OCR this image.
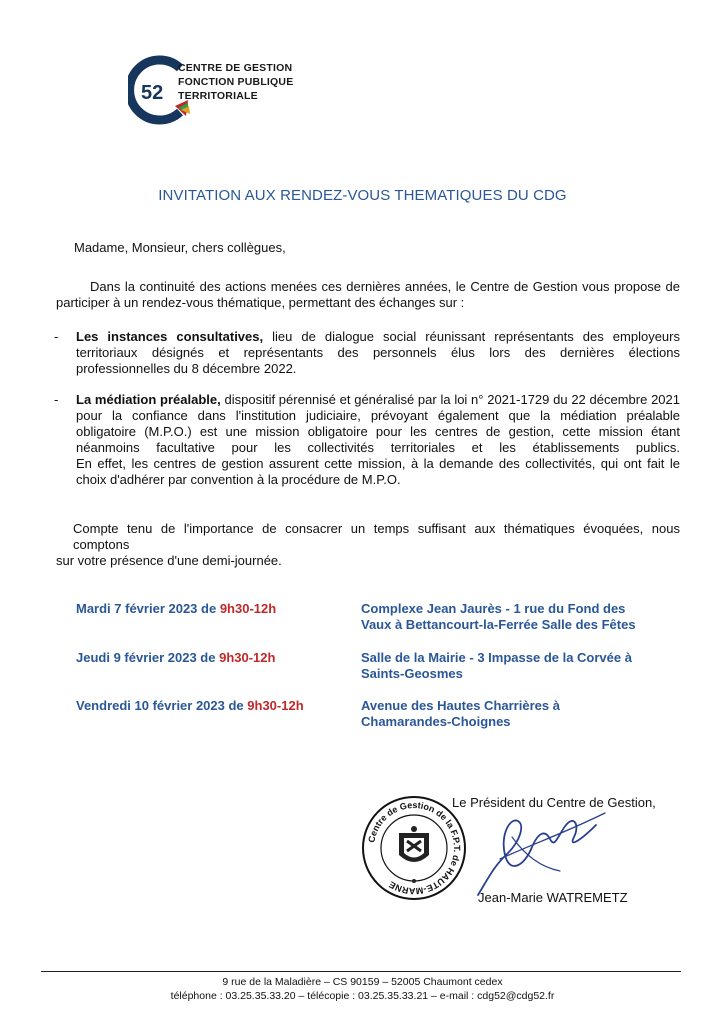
52
CENTRE DE GESTION
FONCTION PUBLIQUE
TERRITORIALE
INVITATION AUX RENDEZ-VOUS THEMATIQUES DU CDG
Madame, Monsieur, chers collègues,
Dans la continuité des actions menées ces dernières années, le Centre de Gestion vous propose de
participer à un rendez-vous thématique, permettant des échanges sur :
- Les instances consultatives, lieu de dialogue social réunissant représentants des employeurs
territoriaux désignés et représentants des personnels élus lors des dernières élections
professionnelles du 8 décembre 2022.
- La médiation préalable, dispositif pérennisé et généralisé par la loi n° 2021-1729 du 22 décembre 2021
pour la confiance dans l'institution judiciaire, prévoyant également que la médiation préalable
obligatoire (M.P.O.) est une mission obligatoire pour les centres de gestion, cette mission étant
néanmoins facultative pour les collectivités territoriales et les établissements publics.
En effet, les centres de gestion assurent cette mission, à la demande des collectivités, qui ont fait le
choix d'adhérer par convention à la procédure de M.P.O.
Compte tenu de l'importance de consacrer un temps suffisant aux thématiques évoquées, nous comptons
sur votre présence d'une demi-journée.
Mardi 7 février 2023 de 9h30-12h	Complexe Jean Jaurès - 1 rue du Fond des
Vaux à Bettancourt-la-Ferrée Salle des Fêtes
Jeudi 9 février 2023 de 9h30-12h	Salle de la Mairie - 3 Impasse de la Corvée à
Saints-Geosmes
Vendredi 10 février 2023 de 9h30-12h	Avenue des Hautes Charrières à
Chamarandes-Choignes
Centre de Gestion de la F.P.T. de HAUTE-MARNE
Le Président du Centre de Gestion,
Jean-Marie WATREMETZ
9 rue de la Maladière – CS 90159 – 52005 Chaumont cedex
téléphone : 03.25.35.33.20 – télécopie : 03.25.35.33.21 – e-mail : cdg52@cdg52.fr
